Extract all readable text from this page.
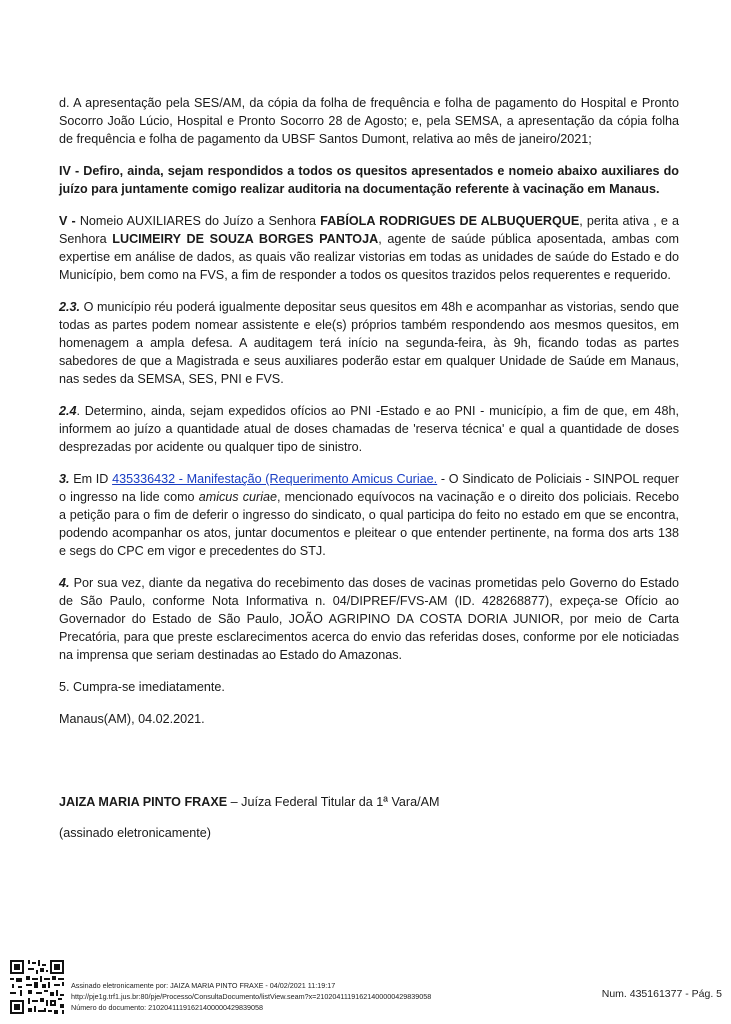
d. A apresentação pela SES/AM, da cópia da folha de frequência e folha de pagamento do Hospital e Pronto Socorro João Lúcio, Hospital e Pronto Socorro 28 de Agosto; e, pela SEMSA, a apresentação da cópia folha de frequência e folha de pagamento da UBSF Santos Dumont, relativa ao mês de janeiro/2021;

IV - Defiro, ainda, sejam respondidos a todos os quesitos apresentados e nomeio abaixo auxiliares do juízo para juntamente comigo realizar auditoria na documentação referente à vacinação em Manaus.

V - Nomeio AUXILIARES do Juízo a Senhora FABÍOLA RODRIGUES DE ALBUQUERQUE, perita ativa , e a Senhora LUCIMEIRY DE SOUZA BORGES PANTOJA, agente de saúde pública aposentada, ambas com expertise em análise de dados, as quais vão realizar vistorias em todas as unidades de saúde do Estado e do Município, bem como na FVS, a fim de responder a todos os quesitos trazidos pelos requerentes e requerido.

2.3. O município réu poderá igualmente depositar seus quesitos em 48h e acompanhar as vistorias, sendo que todas as partes podem nomear assistente e ele(s) próprios também respondendo aos mesmos quesitos, em homenagem a ampla defesa. A auditagem terá início na segunda-feira, às 9h, ficando todas as partes sabedores de que a Magistrada e seus auxiliares poderão estar em qualquer Unidade de Saúde em Manaus, nas sedes da SEMSA, SES, PNI e FVS.

2.4. Determino, ainda, sejam expedidos ofícios ao PNI -Estado e ao PNI - município, a fim de que, em 48h, informem ao juízo a quantidade atual de doses chamadas de 'reserva técnica' e qual a quantidade de doses desprezadas por acidente ou qualquer tipo de sinistro.

3. Em ID 435336432 - Manifestação (Requerimento Amicus Curiae. - O Sindicato de Policiais - SINPOL requer o ingresso na lide como amicus curiae, mencionado equívocos na vacinação e o direito dos policiais. Recebo a petição para o fim de deferir o ingresso do sindicato, o qual participa do feito no estado em que se encontra, podendo acompanhar os atos, juntar documentos e pleitear o que entender pertinente, na forma dos arts 138 e segs do CPC em vigor e precedentes do STJ.

4. Por sua vez, diante da negativa do recebimento das doses de vacinas prometidas pelo Governo do Estado de São Paulo, conforme Nota Informativa n. 04/DIPREF/FVS-AM (ID. 428268877), expeça-se Ofício ao Governador do Estado de São Paulo, JOÃO AGRIPINO DA COSTA DORIA JUNIOR, por meio de Carta Precatória, para que preste esclarecimentos acerca do envio das referidas doses, conforme por ele noticiadas na imprensa que seriam destinadas ao Estado do Amazonas.

5. Cumpra-se imediatamente.

Manaus(AM), 04.02.2021.

JAIZA MARIA PINTO FRAXE – Juíza Federal Titular da 1ª Vara/AM
(assinado eletronicamente)
Assinado eletronicamente por: JAIZA MARIA PINTO FRAXE - 04/02/2021 11:19:17
http://pje1g.trf1.jus.br:80/pje/Processo/ConsultaDocumento/listView.seam?x=21020411191621400000429839058
Número do documento: 21020411191621400000429839058
Num. 435161377 - Pág. 5
